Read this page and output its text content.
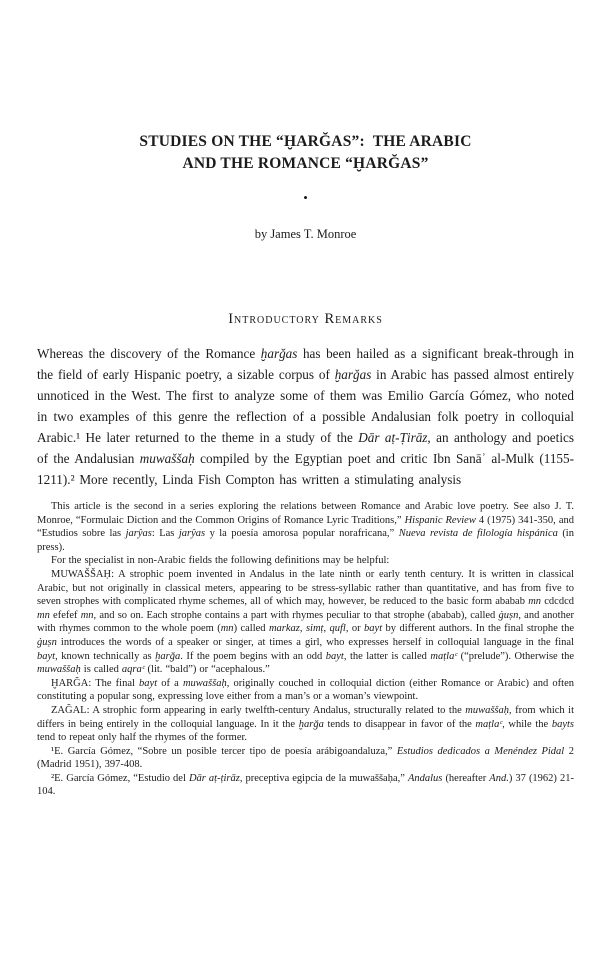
STUDIES ON THE “ḪARĞAS”:  THE ARABIC
AND THE ROMANCE “ḪARĞAS”
•
by James T. Monroe
Introductory Remarks

Whereas the discovery of the Romance ḫarğas has been hailed as a significant break-through in the field of early Hispanic poetry, a sizable corpus of ḫarğas in Arabic has passed almost entirely unnoticed in the West. The first to analyze some of them was Emilio García Gómez, who noted in two examples of this genre the reflection of a possible Andalusian folk poetry in colloquial Arabic.¹ He later returned to the theme in a study of the Dār aṭ-Ṭirāz, an anthology and poetics of the Andalusian muwaššaḥ compiled by the Egyptian poet and critic Ibn Sanāʾ al-Mulk (1155-1211).² More recently, Linda Fish Compton has written a stimulating analysis

This article is the second in a series exploring the relations between Romance and Arabic love poetry. See also J. T. Monroe, “Formulaic Diction and the Common Origins of Romance Lyric Traditions,” Hispanic Review 4 (1975) 341-350, and “Estudios sobre las jarŷas: Las jarŷas y la poesía amorosa popular norafricana,” Nueva revista de filología hispánica (in press).

For the specialist in non-Arabic fields the following definitions may be helpful:

MUWAŠŠAḤ: A strophic poem invented in Andalus in the late ninth or early tenth century. It is written in classical Arabic, but not originally in classical meters, appearing to be stress-syllabic rather than quantitative, and has from five to seven strophes with complicated rhyme schemes, all of which may, however, be reduced to the basic form ababab mn cdcdcd mn efefef mn, and so on. Each strophe contains a part with rhymes peculiar to that strophe (ababab), called ġuṣn, and another with rhymes common to the whole poem (mn) called markaz, simṭ, qufl, or bayt by different authors. In the final strophe the ġuṣn introduces the words of a speaker or singer, at times a girl, who expresses herself in colloquial language in the final bayt, known technically as ḫarğa. If the poem begins with an odd bayt, the latter is called maṭlaᶜ (“prelude”). Otherwise the muwaššaḥ is called aqraᶜ (lit. “bald”) or “acephalous.”

ḪARĞA: The final bayt of a muwaššaḥ, originally couched in colloquial diction (either Romance or Arabic) and often constituting a popular song, expressing love either from a man’s or a woman’s viewpoint.

ZAĞAL: A strophic form appearing in early twelfth-century Andalus, structurally related to the muwaššaḥ, from which it differs in being entirely in the colloquial language. In it the ḫarğa tends to disappear in favor of the maṭlaᶜ, while the bayts tend to repeat only half the rhymes of the former.

¹E. García Gómez, “Sobre un posible tercer tipo de poesía arábigoandaluza,” Estudios dedicados a Menéndez Pidal 2 (Madrid 1951), 397-408.

²E. García Gómez, “Estudio del Dār aṭ-ṭirāz, preceptiva egipcia de la muwaššaḥa,” Andalus (hereafter And.) 37 (1962) 21-104.
